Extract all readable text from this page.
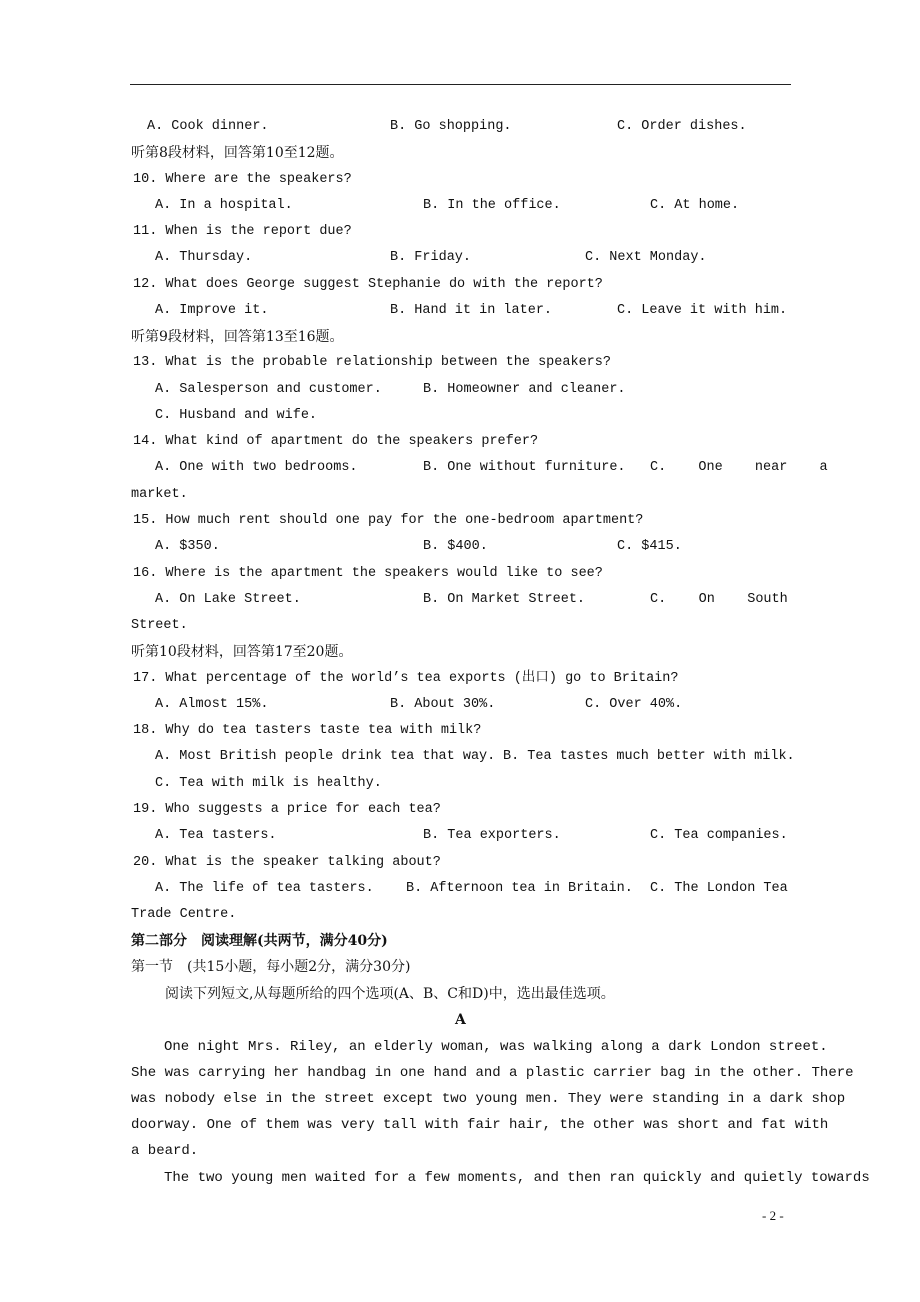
A. Cook dinner.	B. Go shopping.	C. Order dishes.
听第8段材料，回答第10至12题。
10. Where are the speakers?
A. In a hospital.	B. In the office.	C. At home.
11. When is the report due?
A. Thursday.	B. Friday.	C. Next Monday.
12. What does George suggest Stephanie do with the report?
A. Improve it.	B. Hand it in later.	C. Leave it with him.
听第9段材料，回答第13至16题。
13. What is the probable relationship between the speakers?
A. Salesperson and customer.	B. Homeowner and cleaner.
C. Husband and wife.
14. What kind of apartment do the speakers prefer?
A. One with two bedrooms.	B. One without furniture. C.  One  near  a
market.
15. How much rent should one pay for the one-bedroom apartment?
A. $350.	B. $400.	C. $415.
16. Where is the apartment the speakers would like to see?
A. On Lake Street.	B. On Market Street.	C.    On    South
Street.
听第10段材料，回答第17至20题。
17. What percentage of the world’s tea exports (出口) go to Britain?
A. Almost 15%.	B. About 30%.	C. Over 40%.
18. Why do tea tasters taste tea with milk?
A. Most British people drink tea that way. B. Tea tastes much better with milk.
C. Tea with milk is healthy.
19. Who suggests a price for each tea?
A. Tea tasters.	B. Tea exporters.	C. Tea companies.
20. What is the speaker talking about?
A. The life of tea tasters. B. Afternoon tea in Britain. C. The London Tea
Trade Centre.
第二部分　阅读理解(共两节，满分40分)
第一节　(共15小题，每小题2分，满分30分)
阅读下列短文,从每题所给的四个选项(A、B、C和D)中，选出最佳选项。
A
One night Mrs. Riley, an elderly woman, was walking along a dark London street.
She was carrying her handbag in one hand and a plastic carrier bag in the other. There
was nobody else in the street except two young men. They were standing in a dark shop
doorway. One of them was very tall with fair hair, the other was short and fat with
a beard.
The two young men waited for a few moments, and then ran quickly and quietly towards
- 2 -
